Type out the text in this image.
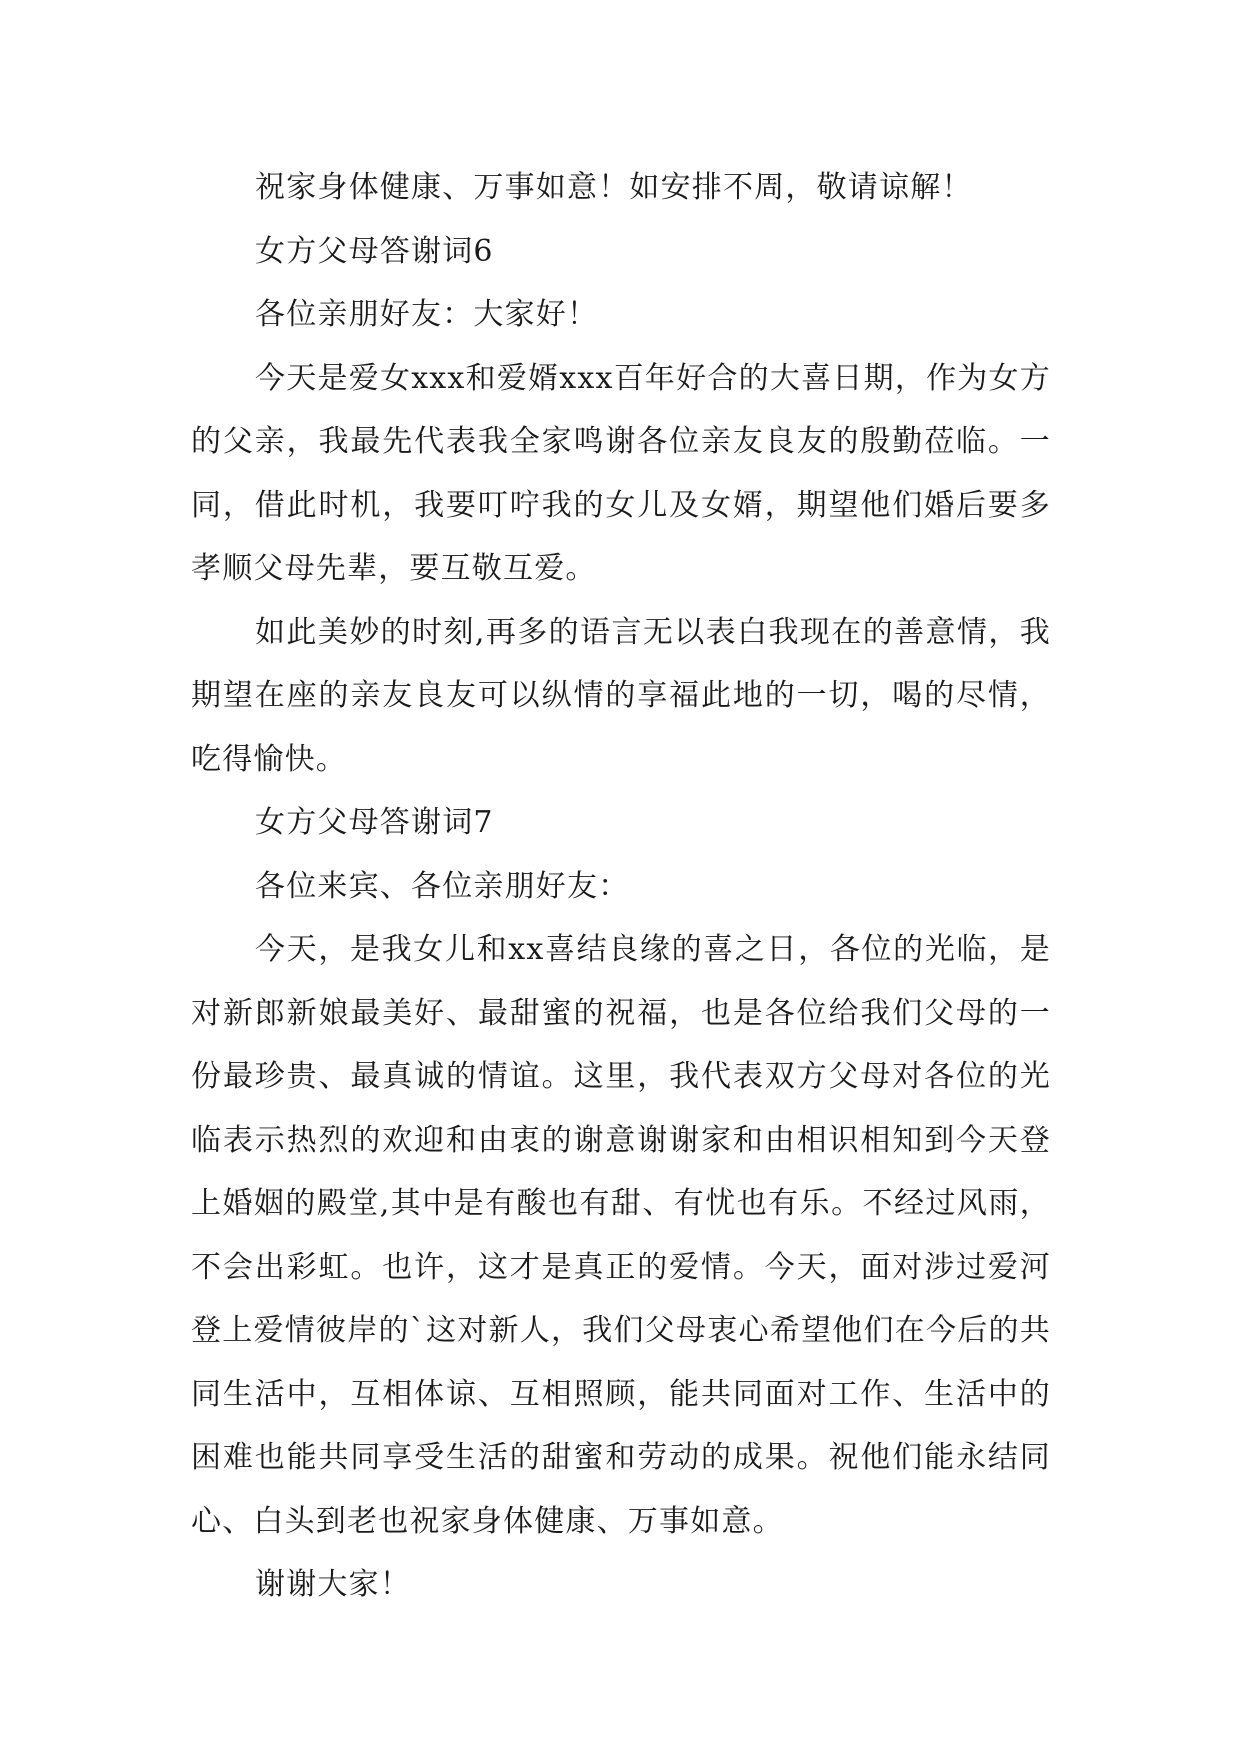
祝家身体健康、万事如意！如安排不周，敬请谅解！

女方父母答谢词6

各位亲朋好友：大家好！

今天是爱女xxx和爱婿xxx百年好合的大喜日期，作为女方的父亲，我最先代表我全家鸣谢各位亲友良友的殷勤莅临。一同，借此时机，我要叮咛我的女儿及女婿，期望他们婚后要多孝顺父母先辈，要互敬互爱。

如此美妙的时刻,再多的语言无以表白我现在的善意情，我期望在座的亲友良友可以纵情的享福此地的一切，喝的尽情，吃得愉快。

女方父母答谢词7

各位来宾、各位亲朋好友：

今天，是我女儿和xx喜结良缘的喜之日，各位的光临，是对新郎新娘最美好、最甜蜜的祝福，也是各位给我们父母的一份最珍贵、最真诚的情谊。这里，我代表双方父母对各位的光临表示热烈的欢迎和由衷的谢意谢谢家和由相识相知到今天登上婚姻的殿堂,其中是有酸也有甜、有忧也有乐。不经过风雨，不会出彩虹。也许，这才是真正的爱情。今天，面对涉过爱河登上爱情彼岸的`这对新人，我们父母衷心希望他们在今后的共同生活中，互相体谅、互相照顾，能共同面对工作、生活中的困难也能共同享受生活的甜蜜和劳动的成果。祝他们能永结同心、白头到老也祝家身体健康、万事如意。

谢谢大家！
